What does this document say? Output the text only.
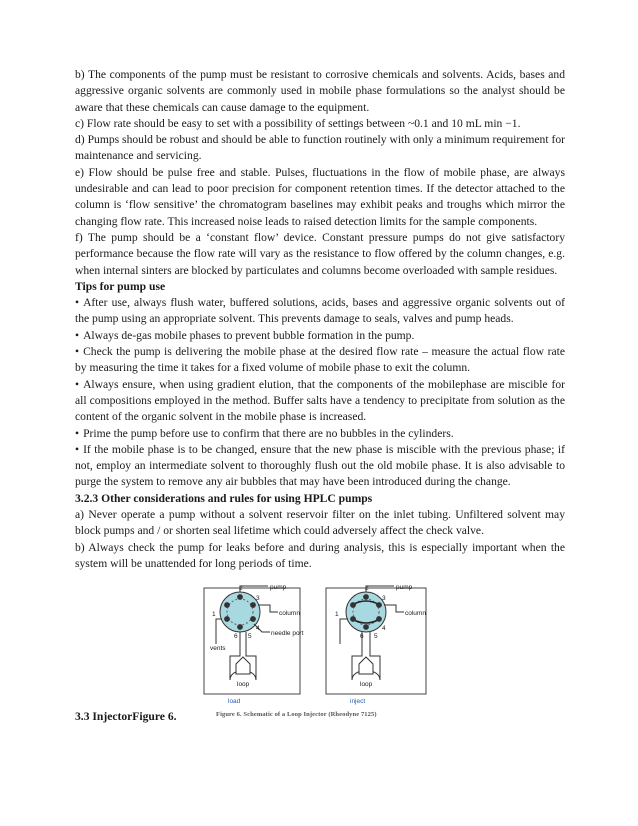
b) The components of the pump must be resistant to corrosive chemicals and solvents. Acids, bases and aggressive organic solvents are commonly used in mobile phase formulations so the analyst should be aware that these chemicals can cause damage to the equipment.

c) Flow rate should be easy to set with a possibility of settings between ~0.1 and 10 mL min −1.

d) Pumps should be robust and should be able to function routinely with only a minimum requirement for maintenance and servicing.

e) Flow should be pulse free and stable. Pulses, fluctuations in the flow of mobile phase, are always undesirable and can lead to poor precision for component retention times. If the detector attached to the column is ‘flow sensitive’ the chromatogram baselines may exhibit peaks and troughs which mirror the changing flow rate. This increased noise leads to raised detection limits for the sample components.

f) The pump should be a ‘constant flow’ device. Constant pressure pumps do not give satisfactory performance because the flow rate will vary as the resistance to flow offered by the column changes, e.g. when internal sinters are blocked by particulates and columns become overloaded with sample residues.

Tips for pump use

• After use, always flush water, buffered solutions, acids, bases and aggressive organic solvents out of the pump using an appropriate solvent. This prevents damage to seals, valves and pump heads.

• Always de-gas mobile phases to prevent bubble formation in the pump.

• Check the pump is delivering the mobile phase at the desired flow rate – measure the actual flow rate by measuring the time it takes for a fixed volume of mobile phase to exit the column.

• Always ensure, when using gradient elution, that the components of the mobilephase are miscible for all compositions employed in the method. Buffer salts have a tendency to precipitate from solution as the content of the organic solvent in the mobile phase is increased.

• Prime the pump before use to confirm that there are no bubbles in the cylinders.

• If the mobile phase is to be changed, ensure that the new phase is miscible with the previous phase; if not, employ an intermediate solvent to thoroughly flush out the old mobile phase. It is also advisable to purge the system to remove any air bubbles that may have been introduced during the change.

3.2.3 Other considerations and rules for using HPLC pumps

a) Never operate a pump without a solvent reservoir filter on the inlet tubing. Unfiltered solvent may block pumps and / or shorten seal lifetime which could adversely affect the check valve.

b) Always check the pump for leaks before and during analysis, this is especially important when the system will be unattended for long periods of time.

2
3
4
5
6
1
pump
column
needle port
vents
loop
load
2
3
4
5
6
1
pump
column
loop
inject
3.3 InjectorFigure 6.	Figure 6. Schematic of a Loop Injector (Rheodyne 7125)
